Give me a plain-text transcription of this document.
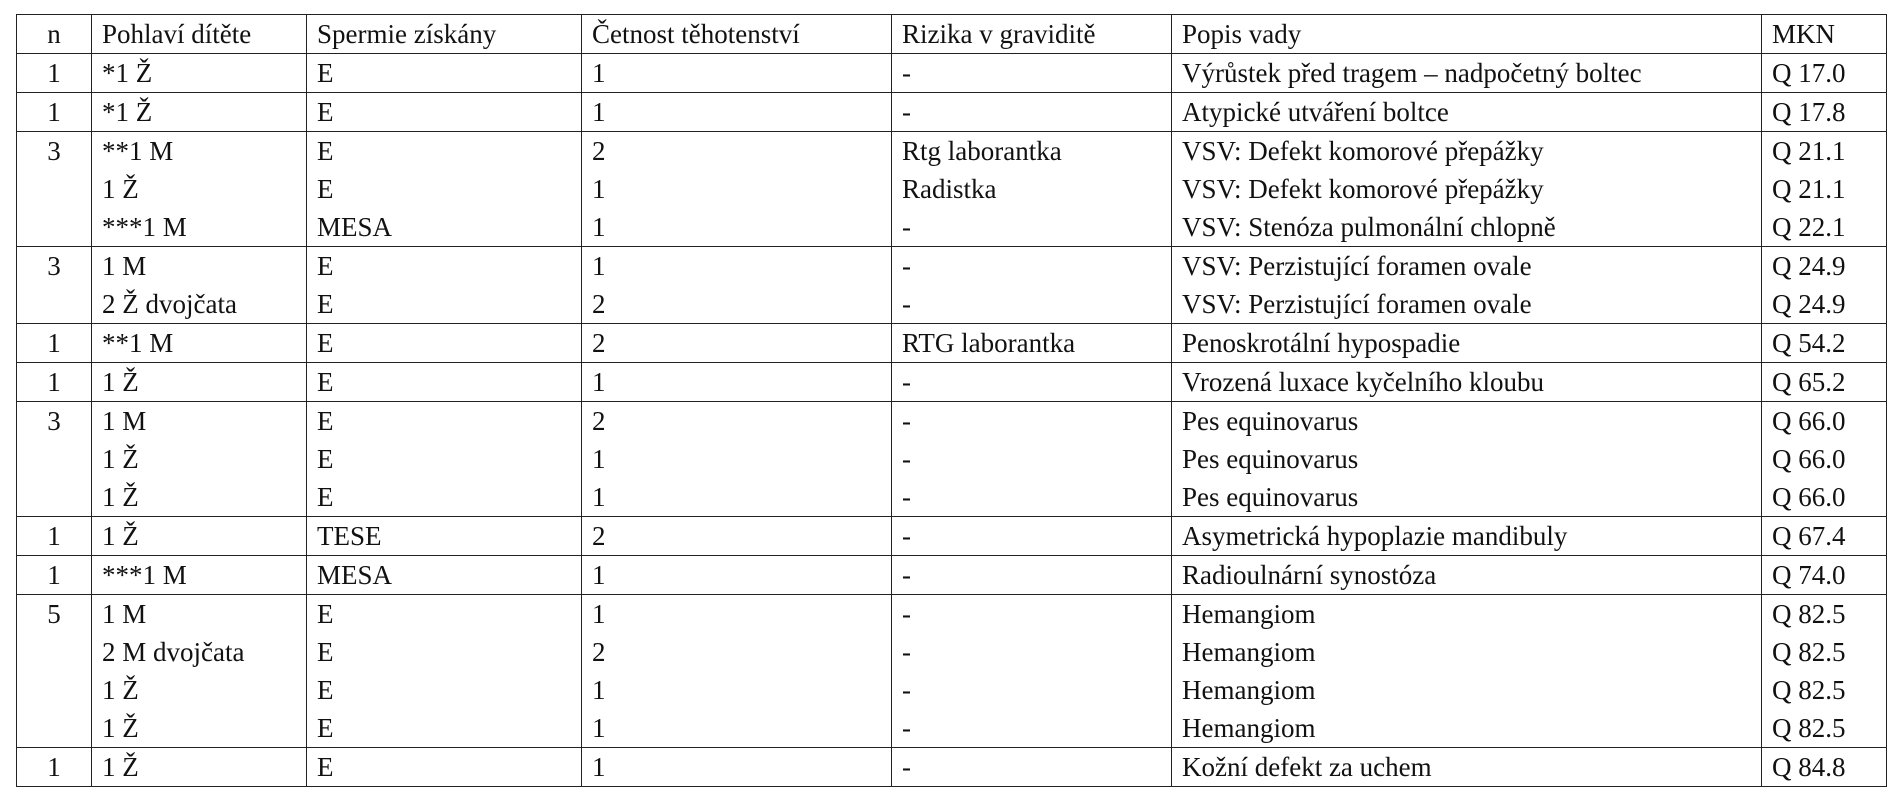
n	Pohlaví dítěte	Spermie získány	Četnost těhotenství	Rizika v graviditě	Popis vady	MKN
1	*1 Ž	E	1	-	Výrůstek před tragem – nadpočetný boltec	Q 17.0
1	*1 Ž	E	1	-	Atypické utváření boltce	Q 17.8
3	**1 M	E	2	Rtg laborantka	VSV: Defekt komorové přepážky	Q 21.1
	1 Ž	E	1	Radistka	VSV: Defekt komorové přepážky	Q 21.1
	***1 M	MESA	1	-	VSV: Stenóza pulmonální chlopně	Q 22.1
3	1 M	E	1	-	VSV: Perzistující foramen ovale	Q 24.9
	2 Ž dvojčata	E	2	-	VSV: Perzistující foramen ovale	Q 24.9
1	**1 M	E	2	RTG laborantka	Penoskrotální hypospadie	Q 54.2
1	1 Ž	E	1	-	Vrozená luxace kyčelního kloubu	Q 65.2
3	1 M	E	2	-	Pes equinovarus	Q 66.0
	1 Ž	E	1	-	Pes equinovarus	Q 66.0
	1 Ž	E	1	-	Pes equinovarus	Q 66.0
1	1 Ž	TESE	2	-	Asymetrická hypoplazie mandibuly	Q 67.4
1	***1 M	MESA	1	-	Radioulnární synostóza	Q 74.0
5	1 M	E	1	-	Hemangiom	Q 82.5
	2 M dvojčata	E	2	-	Hemangiom	Q 82.5
	1 Ž	E	1	-	Hemangiom	Q 82.5
	1 Ž	E	1	-	Hemangiom	Q 82.5
1	1 Ž	E	1	-	Kožní defekt za uchem	Q 84.8
